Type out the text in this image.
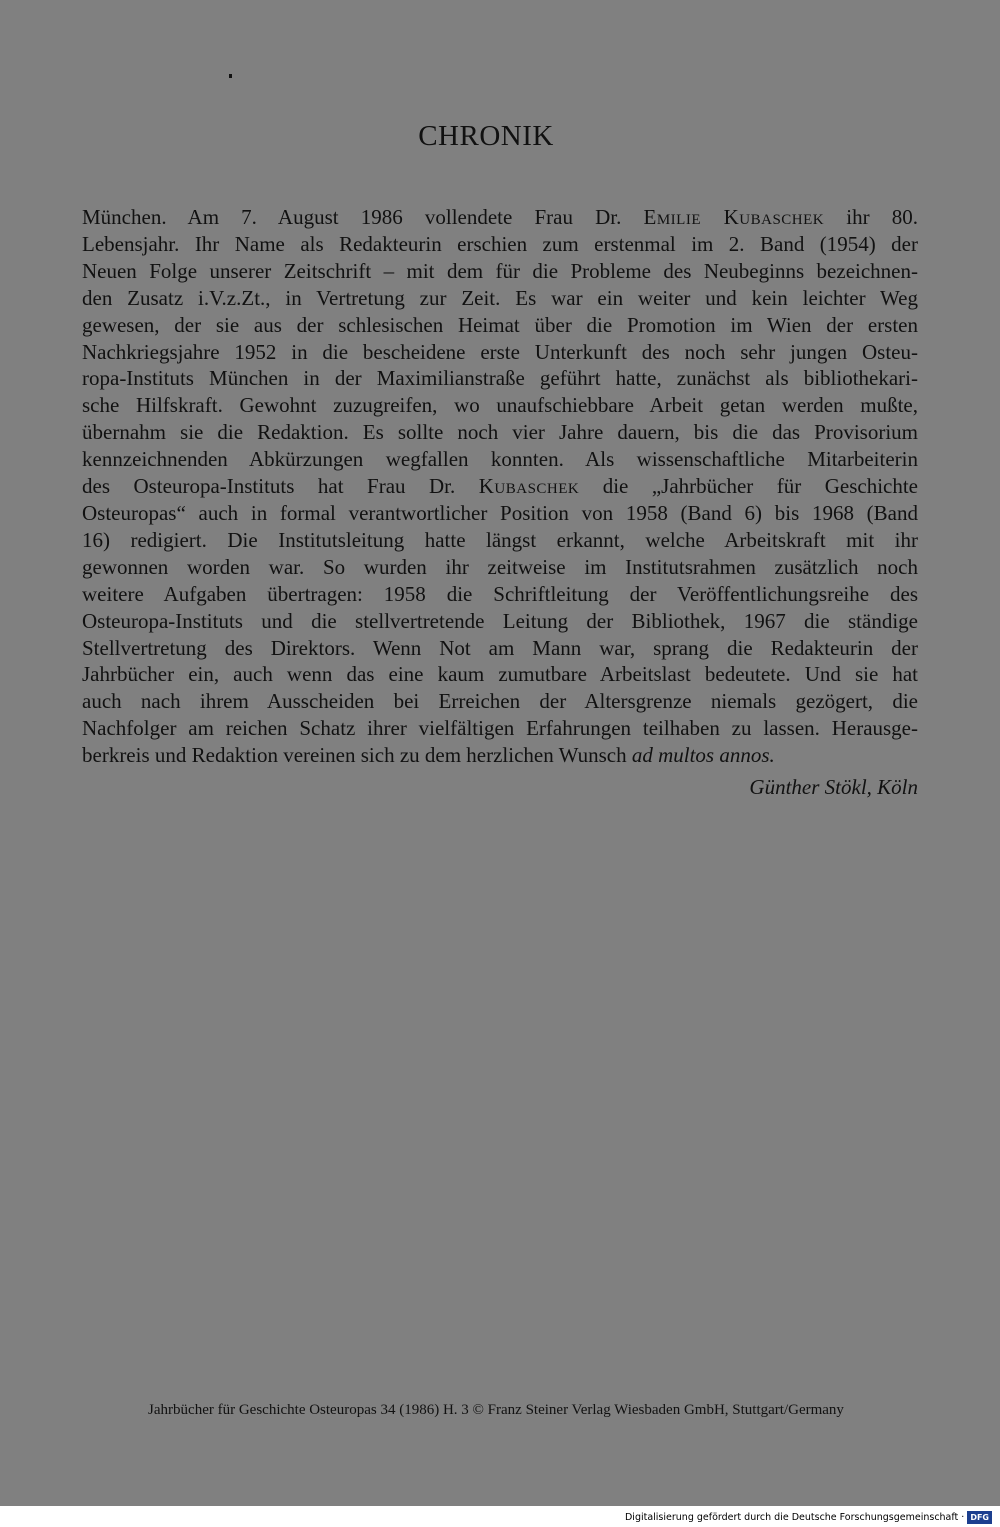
CHRONIK
München. Am 7. August 1986 vollendete Frau Dr. Emilie Kubaschek ihr 80.
Lebensjahr. Ihr Name als Redakteurin erschien zum erstenmal im 2. Band (1954) der
Neuen Folge unserer Zeitschrift – mit dem für die Probleme des Neubeginns bezeichnen-
den Zusatz i.V.z.Zt., in Vertretung zur Zeit. Es war ein weiter und kein leichter Weg
gewesen, der sie aus der schlesischen Heimat über die Promotion im Wien der ersten
Nachkriegsjahre 1952 in die bescheidene erste Unterkunft des noch sehr jungen Osteu-
ropa-Instituts München in der Maximilianstraße geführt hatte, zunächst als bibliothekari-
sche Hilfskraft. Gewohnt zuzugreifen, wo unaufschiebbare Arbeit getan werden mußte,
übernahm sie die Redaktion. Es sollte noch vier Jahre dauern, bis die das Provisorium
kennzeichnenden Abkürzungen wegfallen konnten. Als wissenschaftliche Mitarbeiterin
des Osteuropa-Instituts hat Frau Dr. Kubaschek die „Jahrbücher für Geschichte
Osteuropas“ auch in formal verantwortlicher Position von 1958 (Band 6) bis 1968 (Band
16) redigiert. Die Institutsleitung hatte längst erkannt, welche Arbeitskraft mit ihr
gewonnen worden war. So wurden ihr zeitweise im Institutsrahmen zusätzlich noch
weitere Aufgaben übertragen: 1958 die Schriftleitung der Veröffentlichungsreihe des
Osteuropa-Instituts und die stellvertretende Leitung der Bibliothek, 1967 die ständige
Stellvertretung des Direktors. Wenn Not am Mann war, sprang die Redakteurin der
Jahrbücher ein, auch wenn das eine kaum zumutbare Arbeitslast bedeutete. Und sie hat
auch nach ihrem Ausscheiden bei Erreichen der Altersgrenze niemals gezögert, die
Nachfolger am reichen Schatz ihrer vielfältigen Erfahrungen teilhaben zu lassen. Herausge-
berkreis und Redaktion vereinen sich zu dem herzlichen Wunsch ad multos annos.
Günther Stökl, Köln
Jahrbücher für Geschichte Osteuropas 34 (1986) H. 3 © Franz Steiner Verlag Wiesbaden GmbH, Stuttgart/Germany
Digitalisierung gefördert durch die Deutsche Forschungsgemeinschaft · DFG
